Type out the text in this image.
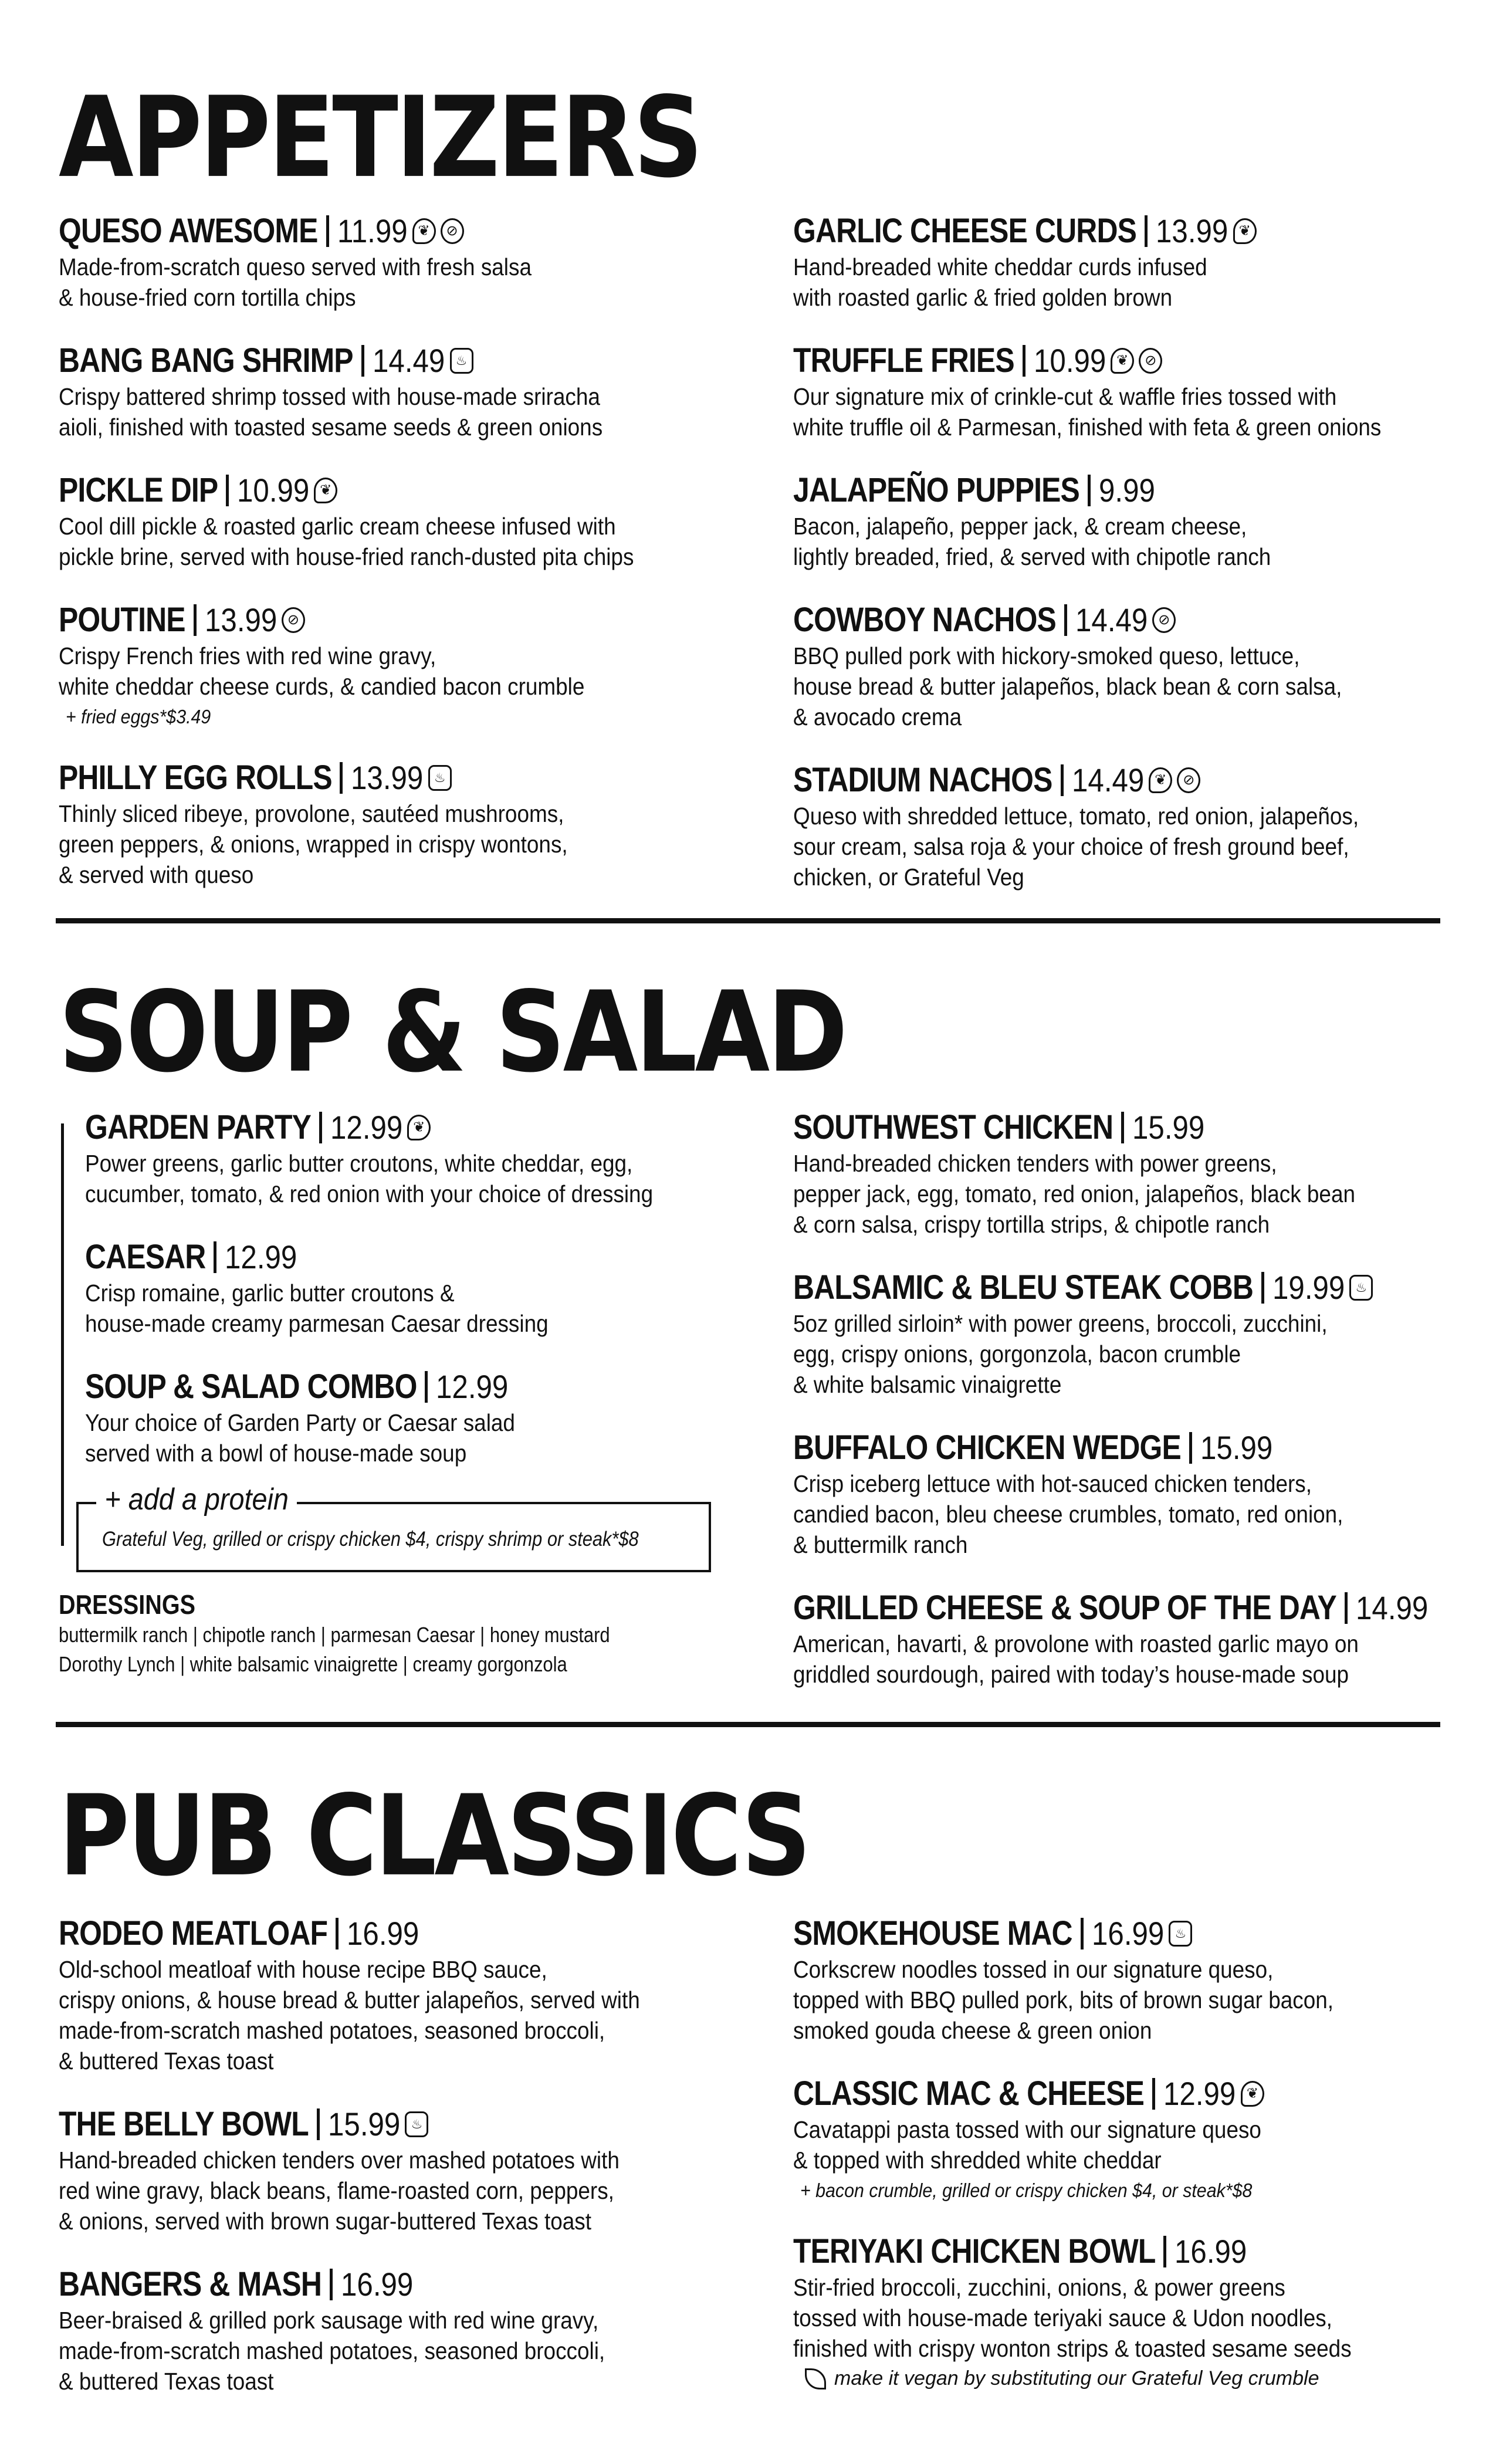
APPETIZERS
QUESO AWESOME 11.99 ❦	⊘
Made-from-scratch queso served with fresh salsa
& house-fried corn tortilla chips
BANG BANG SHRIMP 14.49 ♨
Crispy battered shrimp tossed with house-made sriracha
aioli, finished with toasted sesame seeds & green onions
PICKLE DIP 10.99 ❦
Cool dill pickle & roasted garlic cream cheese infused with
pickle brine, served with house-fried ranch-dusted pita chips
POUTINE 13.99 ⊘
Crispy French fries with red wine gravy,
white cheddar cheese curds, & candied bacon crumble
+ fried eggs*$3.49
PHILLY EGG ROLLS 13.99 ♨
Thinly sliced ribeye, provolone, sautéed mushrooms,
green peppers, & onions, wrapped in crispy wontons,
& served with queso
GARLIC CHEESE CURDS 13.99 ❦
Hand-breaded white cheddar curds infused
with roasted garlic & fried golden brown
TRUFFLE FRIES 10.99 ❦	⊘
Our signature mix of crinkle-cut & waffle fries tossed with
white truffle oil & Parmesan, finished with feta & green onions
JALAPEÑO PUPPIES 9.99
Bacon, jalapeño, pepper jack, & cream cheese,
lightly breaded, fried, & served with chipotle ranch
COWBOY NACHOS 14.49 ⊘
BBQ pulled pork with hickory-smoked queso, lettuce,
house bread & butter jalapeños, black bean & corn salsa,
& avocado crema
STADIUM NACHOS 14.49 ❦	⊘
Queso with shredded lettuce, tomato, red onion, jalapeños,
sour cream, salsa roja & your choice of fresh ground beef,
chicken, or Grateful Veg
SOUP & SALAD
GARDEN PARTY 12.99 ❦
Power greens, garlic butter croutons, white cheddar, egg,
cucumber, tomato, & red onion with your choice of dressing
CAESAR 12.99
Crisp romaine, garlic butter croutons &
house-made creamy parmesan Caesar dressing
SOUP & SALAD COMBO 12.99
Your choice of Garden Party or Caesar salad
served with a bowl of house-made soup
+ add a protein
Grateful Veg, grilled or crispy chicken $4, crispy shrimp or steak*$8
DRESSINGS
buttermilk ranch | chipotle ranch | parmesan Caesar | honey mustard
Dorothy Lynch | white balsamic vinaigrette | creamy gorgonzola
SOUTHWEST CHICKEN 15.99
Hand-breaded chicken tenders with power greens,
pepper jack, egg, tomato, red onion, jalapeños, black bean
& corn salsa, crispy tortilla strips, & chipotle ranch
BALSAMIC & BLEU STEAK COBB 19.99 ♨
5oz grilled sirloin* with power greens, broccoli, zucchini,
egg, crispy onions, gorgonzola, bacon crumble
& white balsamic vinaigrette
BUFFALO CHICKEN WEDGE 15.99
Crisp iceberg lettuce with hot-sauced chicken tenders,
candied bacon, bleu cheese crumbles, tomato, red onion,
& buttermilk ranch
GRILLED CHEESE & SOUP OF THE DAY 14.99
American, havarti, & provolone with roasted garlic mayo on
griddled sourdough, paired with today’s house-made soup
PUB CLASSICS
RODEO MEATLOAF 16.99
Old-school meatloaf with house recipe BBQ sauce,
crispy onions, & house bread & butter jalapeños, served with
made-from-scratch mashed potatoes, seasoned broccoli,
& buttered Texas toast
THE BELLY BOWL 15.99 ♨
Hand-breaded chicken tenders over mashed potatoes with
red wine gravy, black beans, flame-roasted corn, peppers,
& onions, served with brown sugar-buttered Texas toast
BANGERS & MASH 16.99
Beer-braised & grilled pork sausage with red wine gravy,
made-from-scratch mashed potatoes, seasoned broccoli,
& buttered Texas toast
SMOKEHOUSE MAC 16.99 ♨
Corkscrew noodles tossed in our signature queso,
topped with BBQ pulled pork, bits of brown sugar bacon,
smoked gouda cheese & green onion
CLASSIC MAC & CHEESE 12.99 ❦
Cavatappi pasta tossed with our signature queso
& topped with shredded white cheddar
+ bacon crumble, grilled or crispy chicken $4, or steak*$8
TERIYAKI CHICKEN BOWL 16.99
Stir-fried broccoli, zucchini, onions, & power greens
tossed with house-made teriyaki sauce & Udon noodles,
finished with crispy wonton strips & toasted sesame seeds
make it vegan by substituting our Grateful Veg crumble
